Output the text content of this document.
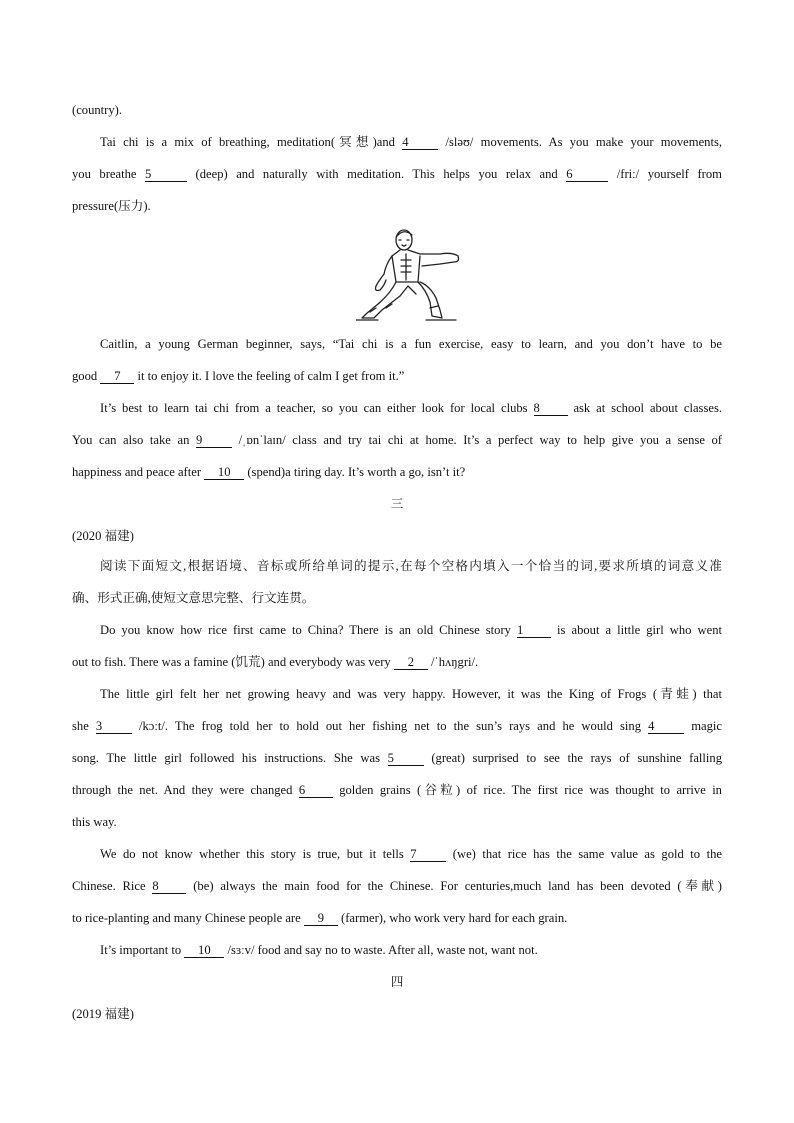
(country).
Tai chi is a mix of breathing, meditation(冥想)and 4	/sləʊ/ movements. As you make your movements,
you breathe 5	(deep) and naturally with meditation. This helps you relax and 6	/friː/ yourself from
pressure(压力).
Caitlin, a young German beginner, says, “Tai chi is a fun exercise, easy to learn, and you don’t have to be
good 7 it to enjoy it. I love the feeling of calm I get from it.”
It’s best to learn tai chi from a teacher, so you can either look for local clubs 8	ask at school about classes.
You can also take an 9	/ˌɒnˈlaɪn/ class and try tai chi at home. It’s a perfect way to help give you a sense of
happiness and peace after 10 (spend)a tiring day. It’s worth a go, isn’t it?
三
(2020 福建)
阅读下面短文,根据语境、音标或所给单词的提示,在每个空格内填入一个恰当的词,要求所填的词意义准
确、形式正确,使短文意思完整、行文连贯。
Do you know how rice first came to China? There is an old Chinese story 1	is about a little girl who went
out to fish. There was a famine (饥荒) and everybody was very 2 /ˈhʌŋgri/.
The little girl felt her net growing heavy and was very happy. However, it was the King of Frogs (青蛙) that
she 3	/kɔːt/. The frog told her to hold out her fishing net to the sun’s rays and he would sing 4	magic
song. The little girl followed his instructions. She was 5	(great) surprised to see the rays of sunshine falling
through the net. And they were changed 6	golden grains (谷粒) of rice. The first rice was thought to arrive in
this way.
We do not know whether this story is true, but it tells 7	(we) that rice has the same value as gold to the
Chinese. Rice 8	(be) always the main food for the Chinese. For centuries,much land has been devoted (奉献)
to rice-planting and many Chinese people are 9 (farmer), who work very hard for each grain.
It’s important to 10 /sɜːv/ food and say no to waste. After all, waste not, want not.
四
(2019 福建)
